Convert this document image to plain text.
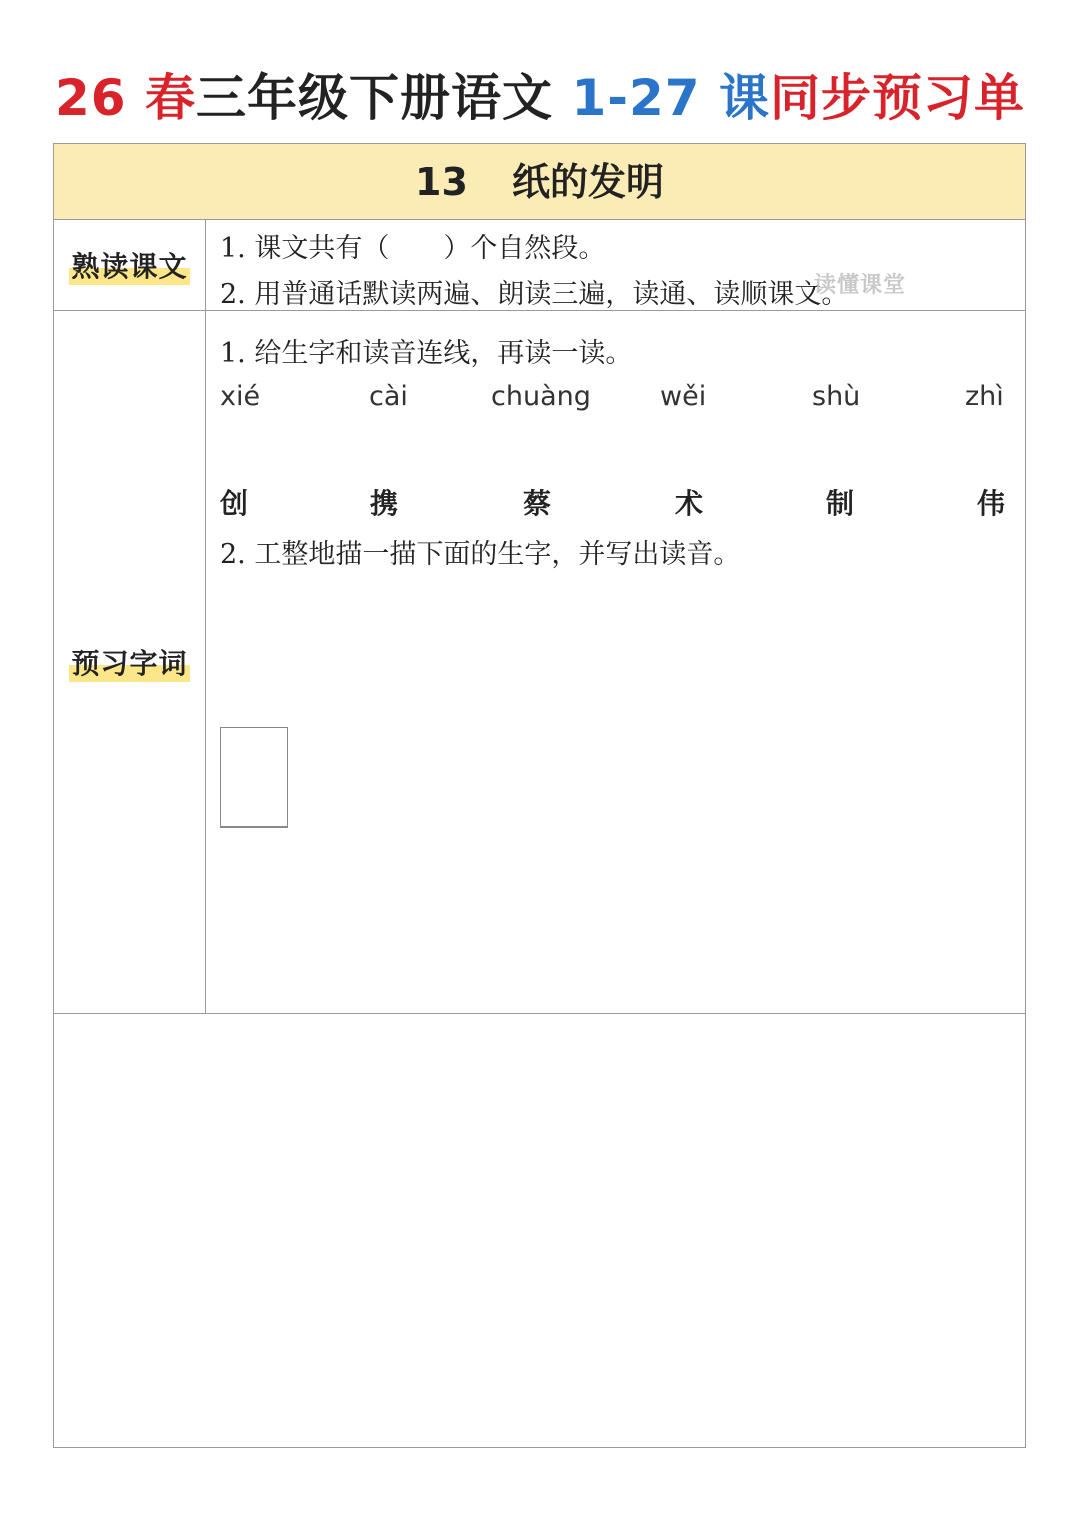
26 春三年级下册语文 1-27 课同步预习单
13 纸的发明
熟读课文
1. 课文共有（　　）个自然段。
2. 用普通话默读两遍、朗读三遍，读通、读顺课文。
读懂课堂
预习字词
1. 给生字和读音连线，再读一读。
xié	cài	chuàng	wěi	shù	zhì
创	携	蔡	术	制	伟
2. 工整地描一描下面的生字，并写出读音。
